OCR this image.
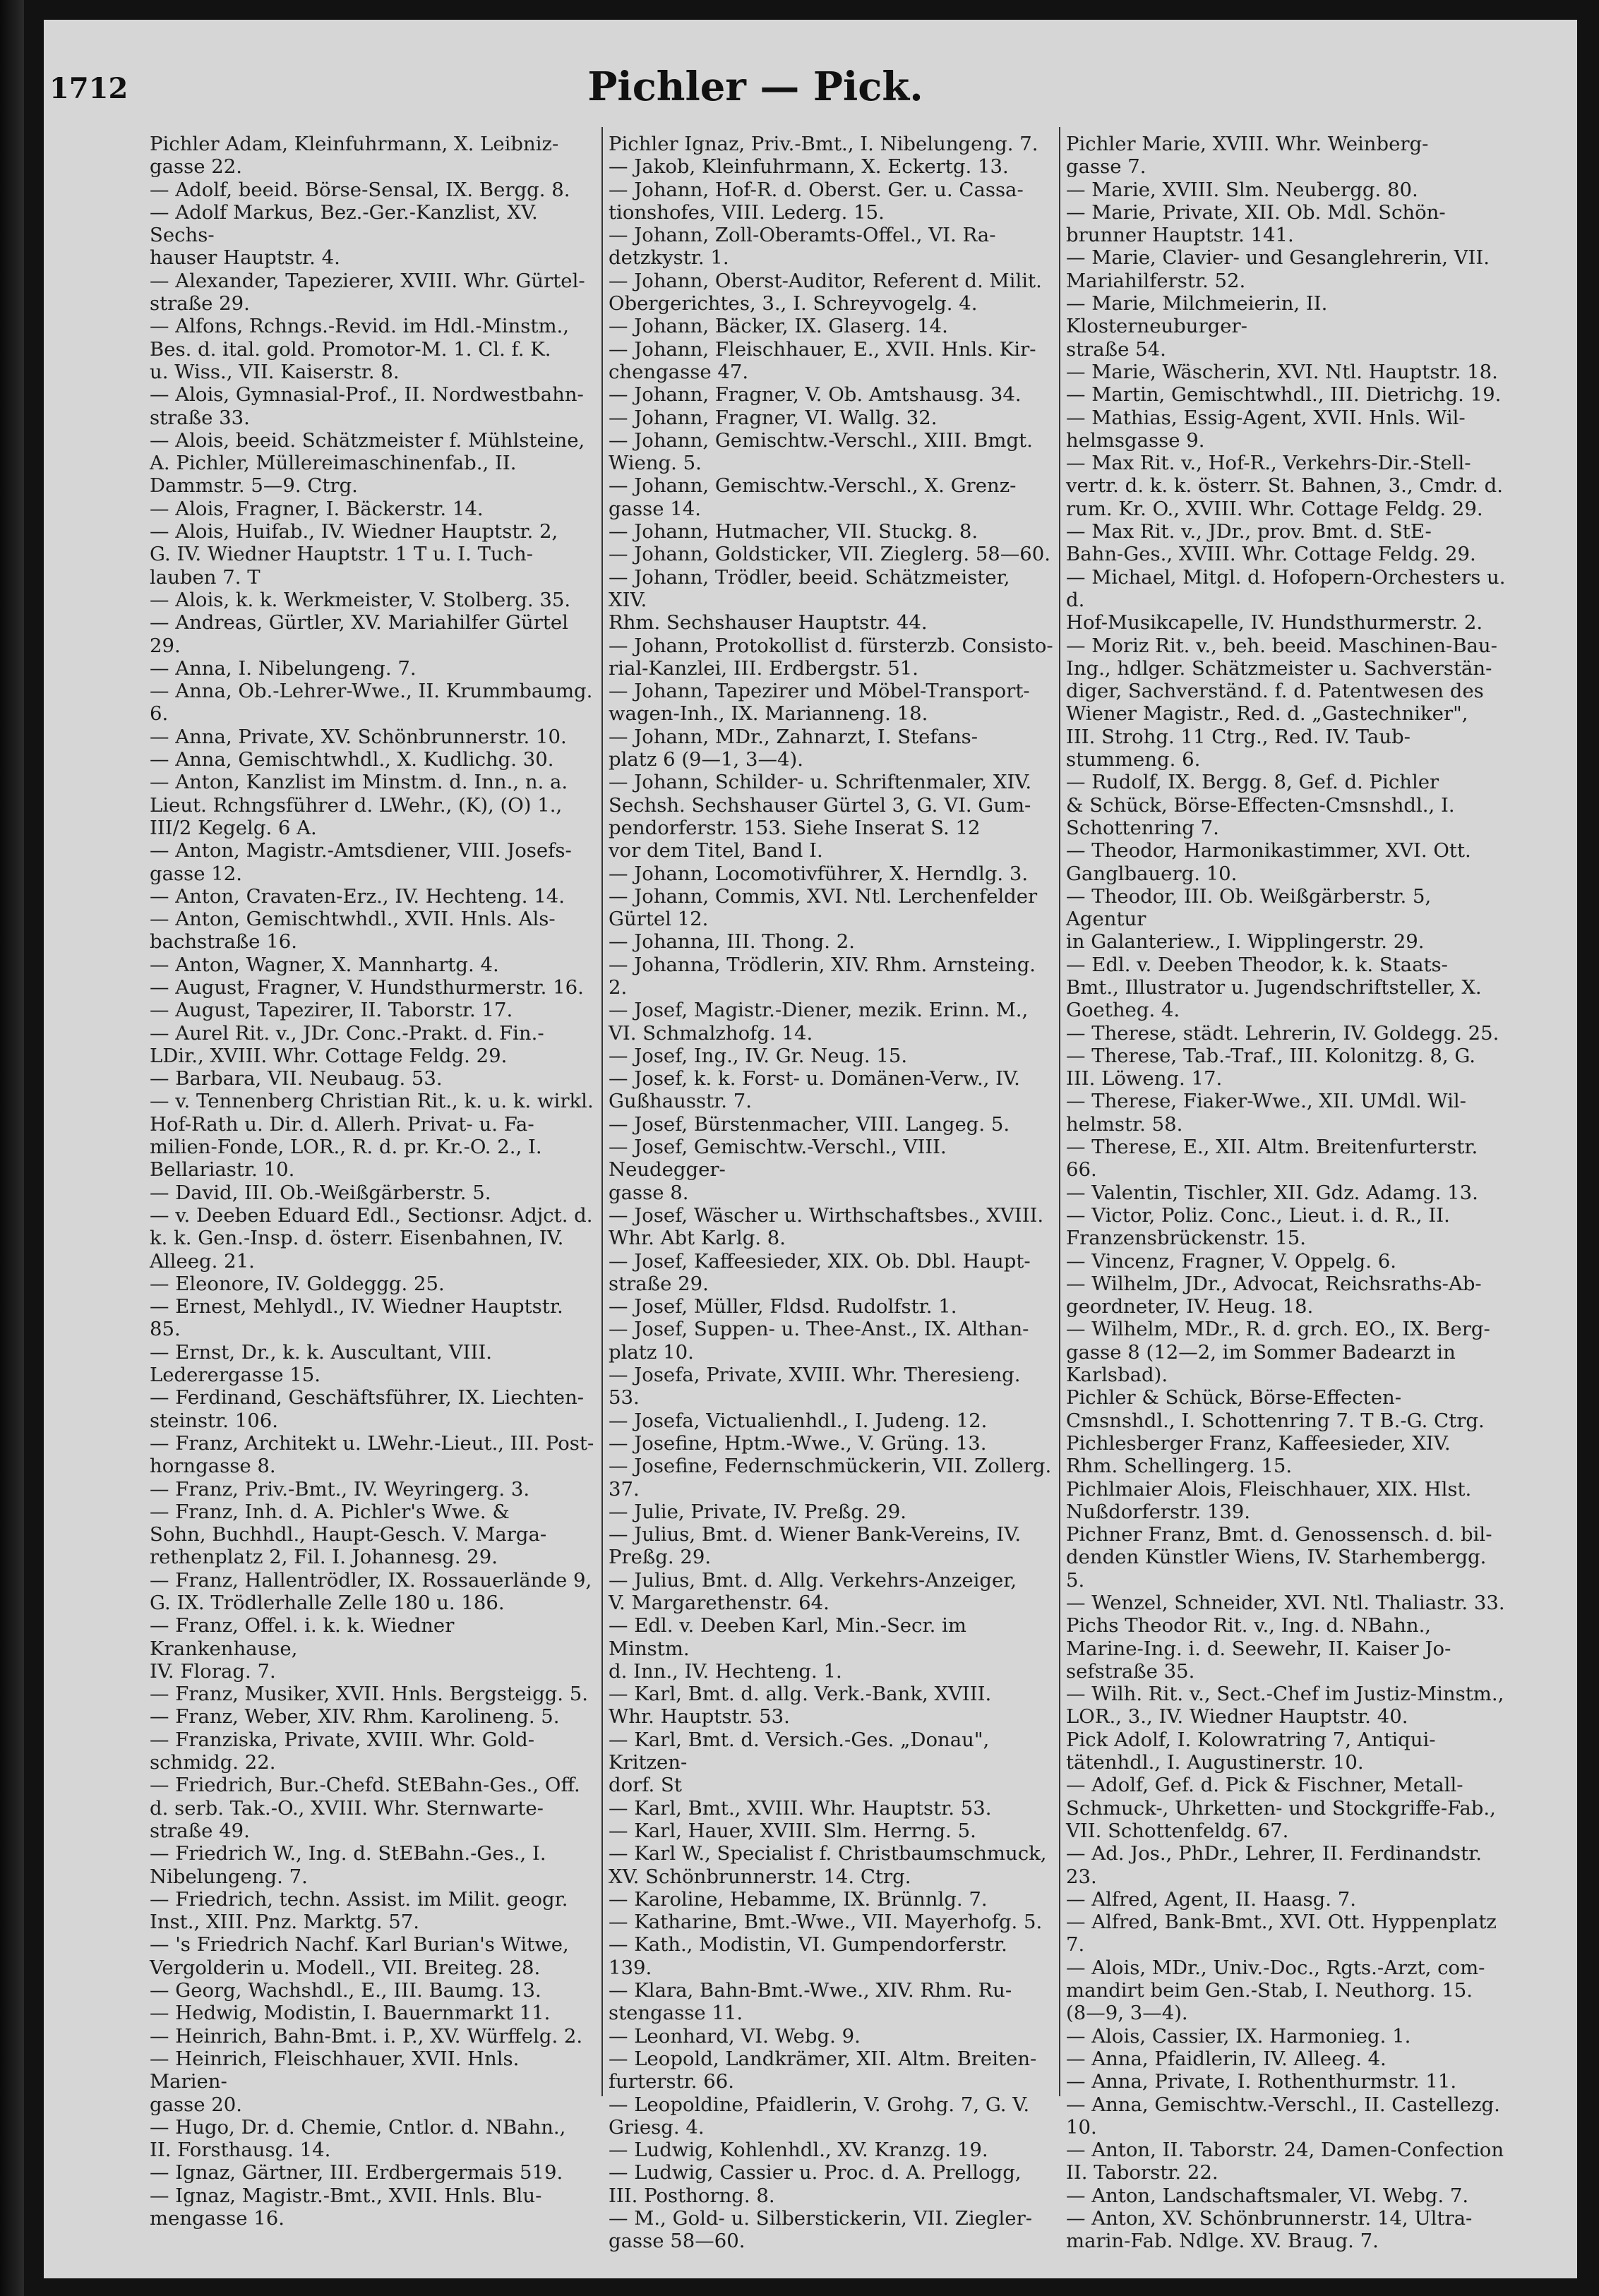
1712	Pichler — Pick.
Pichler Adam, Kleinfuhrmann, X. Leibniz-
gasse 22.
— Adolf, beeid. Börse-Sensal, IX. Bergg. 8.
— Adolf Markus, Bez.-Ger.-Kanzlist, XV. Sechs-
hauser Hauptstr. 4.
— Alexander, Tapezierer, XVIII. Whr. Gürtel-
straße 29.
— Alfons, Rchngs.-Revid. im Hdl.-Minstm.,
Bes. d. ital. gold. Promotor-M. 1. Cl. f. K.
u. Wiss., VII. Kaiserstr. 8.
— Alois, Gymnasial-Prof., II. Nordwestbahn-
straße 33.
— Alois, beeid. Schätzmeister f. Mühlsteine,
A. Pichler, Müllereimaschinenfab., II.
Dammstr. 5—9. Ctrg.
— Alois, Fragner, I. Bäckerstr. 14.
— Alois, Huifab., IV. Wiedner Hauptstr. 2,
G. IV. Wiedner Hauptstr. 1 T u. I. Tuch-
lauben 7. T
— Alois, k. k. Werkmeister, V. Stolberg. 35.
— Andreas, Gürtler, XV. Mariahilfer Gürtel 29.
— Anna, I. Nibelungeng. 7.
— Anna, Ob.-Lehrer-Wwe., II. Krummbaumg. 6.
— Anna, Private, XV. Schönbrunnerstr. 10.
— Anna, Gemischtwhdl., X. Kudlichg. 30.
— Anton, Kanzlist im Minstm. d. Inn., n. a.
Lieut. Rchngsführer d. LWehr., (K), (O) 1.,
III/2 Kegelg. 6 A.
— Anton, Magistr.-Amtsdiener, VIII. Josefs-
gasse 12.
— Anton, Cravaten-Erz., IV. Hechteng. 14.
— Anton, Gemischtwhdl., XVII. Hnls. Als-
bachstraße 16.
— Anton, Wagner, X. Mannhartg. 4.
— August, Fragner, V. Hundsthurmerstr. 16.
— August, Tapezirer, II. Taborstr. 17.
— Aurel Rit. v., JDr. Conc.-Prakt. d. Fin.-
LDir., XVIII. Whr. Cottage Feldg. 29.
— Barbara, VII. Neubaug. 53.
— v. Tennenberg Christian Rit., k. u. k. wirkl.
Hof-Rath u. Dir. d. Allerh. Privat- u. Fa-
milien-Fonde, LOR., R. d. pr. Kr.-O. 2., I.
Bellariastr. 10.
— David, III. Ob.-Weißgärberstr. 5.
— v. Deeben Eduard Edl., Sectionsr. Adjct. d.
k. k. Gen.-Insp. d. österr. Eisenbahnen, IV.
Alleeg. 21.
— Eleonore, IV. Goldeggg. 25.
— Ernest, Mehlydl., IV. Wiedner Hauptstr. 85.
— Ernst, Dr., k. k. Auscultant, VIII. Lederergasse 15.
— Ferdinand, Geschäftsführer, IX. Liechten-
steinstr. 106.
— Franz, Architekt u. LWehr.-Lieut., III. Post-
horngasse 8.
— Franz, Priv.-Bmt., IV. Weyringerg. 3.
— Franz, Inh. d. A. Pichler's Wwe. &
Sohn, Buchhdl., Haupt-Gesch. V. Marga-
rethenplatz 2, Fil. I. Johannesg. 29.
— Franz, Hallentrödler, IX. Rossauerlände 9,
G. IX. Trödlerhalle Zelle 180 u. 186.
— Franz, Offel. i. k. k. Wiedner Krankenhause,
IV. Florag. 7.
— Franz, Musiker, XVII. Hnls. Bergsteigg. 5.
— Franz, Weber, XIV. Rhm. Karolineng. 5.
— Franziska, Private, XVIII. Whr. Gold-
schmidg. 22.
— Friedrich, Bur.-Chefd. StEBahn-Ges., Off.
d. serb. Tak.-O., XVIII. Whr. Sternwarte-
straße 49.
— Friedrich W., Ing. d. StEBahn.-Ges., I.
Nibelungeng. 7.
— Friedrich, techn. Assist. im Milit. geogr.
Inst., XIII. Pnz. Marktg. 57.
— 's Friedrich Nachf. Karl Burian's Witwe,
Vergolderin u. Modell., VII. Breiteg. 28.
— Georg, Wachshdl., E., III. Baumg. 13.
— Hedwig, Modistin, I. Bauernmarkt 11.
— Heinrich, Bahn-Bmt. i. P., XV. Würffelg. 2.
— Heinrich, Fleischhauer, XVII. Hnls. Marien-
gasse 20.
— Hugo, Dr. d. Chemie, Cntlor. d. NBahn.,
II. Forsthausg. 14.
— Ignaz, Gärtner, III. Erdbergermais 519.
— Ignaz, Magistr.-Bmt., XVII. Hnls. Blu-
mengasse 16.
Pichler Ignaz, Priv.-Bmt., I. Nibelungeng. 7.
— Jakob, Kleinfuhrmann, X. Eckertg. 13.
— Johann, Hof-R. d. Oberst. Ger. u. Cassa-
tionshofes, VIII. Lederg. 15.
— Johann, Zoll-Oberamts-Offel., VI. Ra-
detzkystr. 1.
— Johann, Oberst-Auditor, Referent d. Milit.
Obergerichtes, 3., I. Schreyvogelg. 4.
— Johann, Bäcker, IX. Glaserg. 14.
— Johann, Fleischhauer, E., XVII. Hnls. Kir-
chengasse 47.
— Johann, Fragner, V. Ob. Amtshausg. 34.
— Johann, Fragner, VI. Wallg. 32.
— Johann, Gemischtw.-Verschl., XIII. Bmgt.
Wieng. 5.
— Johann, Gemischtw.-Verschl., X. Grenz-
gasse 14.
— Johann, Hutmacher, VII. Stuckg. 8.
— Johann, Goldsticker, VII. Zieglerg. 58—60.
— Johann, Trödler, beeid. Schätzmeister, XIV.
Rhm. Sechshauser Hauptstr. 44.
— Johann, Protokollist d. fürsterzb. Consisto-
rial-Kanzlei, III. Erdbergstr. 51.
— Johann, Tapezirer und Möbel-Transport-
wagen-Inh., IX. Marianneng. 18.
— Johann, MDr., Zahnarzt, I. Stefans-
platz 6 (9—1, 3—4).
— Johann, Schilder- u. Schriftenmaler, XIV.
Sechsh. Sechshauser Gürtel 3, G. VI. Gum-
pendorferstr. 153. Siehe Inserat S. 12
vor dem Titel, Band I.
— Johann, Locomotivführer, X. Herndlg. 3.
— Johann, Commis, XVI. Ntl. Lerchenfelder
Gürtel 12.
— Johanna, III. Thong. 2.
— Johanna, Trödlerin, XIV. Rhm. Arnsteing. 2.
— Josef, Magistr.-Diener, mezik. Erinn. M.,
VI. Schmalzhofg. 14.
— Josef, Ing., IV. Gr. Neug. 15.
— Josef, k. k. Forst- u. Domänen-Verw., IV.
Gußhausstr. 7.
— Josef, Bürstenmacher, VIII. Langeg. 5.
— Josef, Gemischtw.-Verschl., VIII. Neudegger-
gasse 8.
— Josef, Wäscher u. Wirthschaftsbes., XVIII.
Whr. Abt Karlg. 8.
— Josef, Kaffeesieder, XIX. Ob. Dbl. Haupt-
straße 29.
— Josef, Müller, Fldsd. Rudolfstr. 1.
— Josef, Suppen- u. Thee-Anst., IX. Althan-
platz 10.
— Josefa, Private, XVIII. Whr. Theresieng. 53.
— Josefa, Victualienhdl., I. Judeng. 12.
— Josefine, Hptm.-Wwe., V. Grüng. 13.
— Josefine, Federnschmückerin, VII. Zollerg. 37.
— Julie, Private, IV. Preßg. 29.
— Julius, Bmt. d. Wiener Bank-Vereins, IV.
Preßg. 29.
— Julius, Bmt. d. Allg. Verkehrs-Anzeiger,
V. Margarethenstr. 64.
— Edl. v. Deeben Karl, Min.-Secr. im Minstm.
d. Inn., IV. Hechteng. 1.
— Karl, Bmt. d. allg. Verk.-Bank, XVIII.
Whr. Hauptstr. 53.
— Karl, Bmt. d. Versich.-Ges. „Donau", Kritzen-
dorf. St
— Karl, Bmt., XVIII. Whr. Hauptstr. 53.
— Karl, Hauer, XVIII. Slm. Herrng. 5.
— Karl W., Specialist f. Christbaumschmuck,
XV. Schönbrunnerstr. 14. Ctrg.
— Karoline, Hebamme, IX. Brünnlg. 7.
— Katharine, Bmt.-Wwe., VII. Mayerhofg. 5.
— Kath., Modistin, VI. Gumpendorferstr. 139.
— Klara, Bahn-Bmt.-Wwe., XIV. Rhm. Ru-
stengasse 11.
— Leonhard, VI. Webg. 9.
— Leopold, Landkrämer, XII. Altm. Breiten-
furterstr. 66.
— Leopoldine, Pfaidlerin, V. Grohg. 7, G. V.
Griesg. 4.
— Ludwig, Kohlenhdl., XV. Kranzg. 19.
— Ludwig, Cassier u. Proc. d. A. Prellogg,
III. Posthorng. 8.
— M., Gold- u. Silberstickerin, VII. Ziegler-
gasse 58—60.
Pichler Marie, XVIII. Whr. Weinberg-
gasse 7.
— Marie, XVIII. Slm. Neubergg. 80.
— Marie, Private, XII. Ob. Mdl. Schön-
brunner Hauptstr. 141.
— Marie, Clavier- und Gesanglehrerin, VII.
Mariahilferstr. 52.
— Marie, Milchmeierin, II. Klosterneuburger-
straße 54.
— Marie, Wäscherin, XVI. Ntl. Hauptstr. 18.
— Martin, Gemischtwhdl., III. Dietrichg. 19.
— Mathias, Essig-Agent, XVII. Hnls. Wil-
helmsgasse 9.
— Max Rit. v., Hof-R., Verkehrs-Dir.-Stell-
vertr. d. k. k. österr. St. Bahnen, 3., Cmdr. d.
rum. Kr. O., XVIII. Whr. Cottage Feldg. 29.
— Max Rit. v., JDr., prov. Bmt. d. StE-
Bahn-Ges., XVIII. Whr. Cottage Feldg. 29.
— Michael, Mitgl. d. Hofopern-Orchesters u. d.
Hof-Musikcapelle, IV. Hundsthurmerstr. 2.
— Moriz Rit. v., beh. beeid. Maschinen-Bau-
Ing., hdlger. Schätzmeister u. Sachverstän-
diger, Sachverständ. f. d. Patentwesen des
Wiener Magistr., Red. d. „Gastechniker",
III. Strohg. 11 Ctrg., Red. IV. Taub-
stummeng. 6.
— Rudolf, IX. Bergg. 8, Gef. d. Pichler
& Schück, Börse-Effecten-Cmsnshdl., I.
Schottenring 7.
— Theodor, Harmonikastimmer, XVI. Ott.
Ganglbauerg. 10.
— Theodor, III. Ob. Weißgärberstr. 5, Agentur
in Galanteriew., I. Wipplingerstr. 29.
— Edl. v. Deeben Theodor, k. k. Staats-
Bmt., Illustrator u. Jugendschriftsteller, X.
Goetheg. 4.
— Therese, städt. Lehrerin, IV. Goldegg. 25.
— Therese, Tab.-Traf., III. Kolonitzg. 8, G.
III. Löweng. 17.
— Therese, Fiaker-Wwe., XII. UMdl. Wil-
helmstr. 58.
— Therese, E., XII. Altm. Breitenfurterstr. 66.
— Valentin, Tischler, XII. Gdz. Adamg. 13.
— Victor, Poliz. Conc., Lieut. i. d. R., II.
Franzensbrückenstr. 15.
— Vincenz, Fragner, V. Oppelg. 6.
— Wilhelm, JDr., Advocat, Reichsraths-Ab-
geordneter, IV. Heug. 18.
— Wilhelm, MDr., R. d. grch. EO., IX. Berg-
gasse 8 (12—2, im Sommer Badearzt in
Karlsbad).
Pichler & Schück, Börse-Effecten-
Cmsnshdl., I. Schottenring 7. T B.-G. Ctrg.
Pichlesberger Franz, Kaffeesieder, XIV.
Rhm. Schellingerg. 15.
Pichlmaier Alois, Fleischhauer, XIX. Hlst.
Nußdorferstr. 139.
Pichner Franz, Bmt. d. Genossensch. d. bil-
denden Künstler Wiens, IV. Starhembergg. 5.
— Wenzel, Schneider, XVI. Ntl. Thaliastr. 33.
Pichs Theodor Rit. v., Ing. d. NBahn.,
Marine-Ing. i. d. Seewehr, II. Kaiser Jo-
sefstraße 35.
— Wilh. Rit. v., Sect.-Chef im Justiz-Minstm.,
LOR., 3., IV. Wiedner Hauptstr. 40.
Pick Adolf, I. Kolowratring 7, Antiqui-
tätenhdl., I. Augustinerstr. 10.
— Adolf, Gef. d. Pick & Fischner, Metall-
Schmuck-, Uhrketten- und Stockgriffe-Fab.,
VII. Schottenfeldg. 67.
— Ad. Jos., PhDr., Lehrer, II. Ferdinandstr. 23.
— Alfred, Agent, II. Haasg. 7.
— Alfred, Bank-Bmt., XVI. Ott. Hyppenplatz 7.
— Alois, MDr., Univ.-Doc., Rgts.-Arzt, com-
mandirt beim Gen.-Stab, I. Neuthorg. 15.
(8—9, 3—4).
— Alois, Cassier, IX. Harmonieg. 1.
— Anna, Pfaidlerin, IV. Alleeg. 4.
— Anna, Private, I. Rothenthurmstr. 11.
— Anna, Gemischtw.-Verschl., II. Castellezg. 10.
— Anton, II. Taborstr. 24, Damen-Confection
II. Taborstr. 22.
— Anton, Landschaftsmaler, VI. Webg. 7.
— Anton, XV. Schönbrunnerstr. 14, Ultra-
marin-Fab. Ndlge. XV. Braug. 7.
